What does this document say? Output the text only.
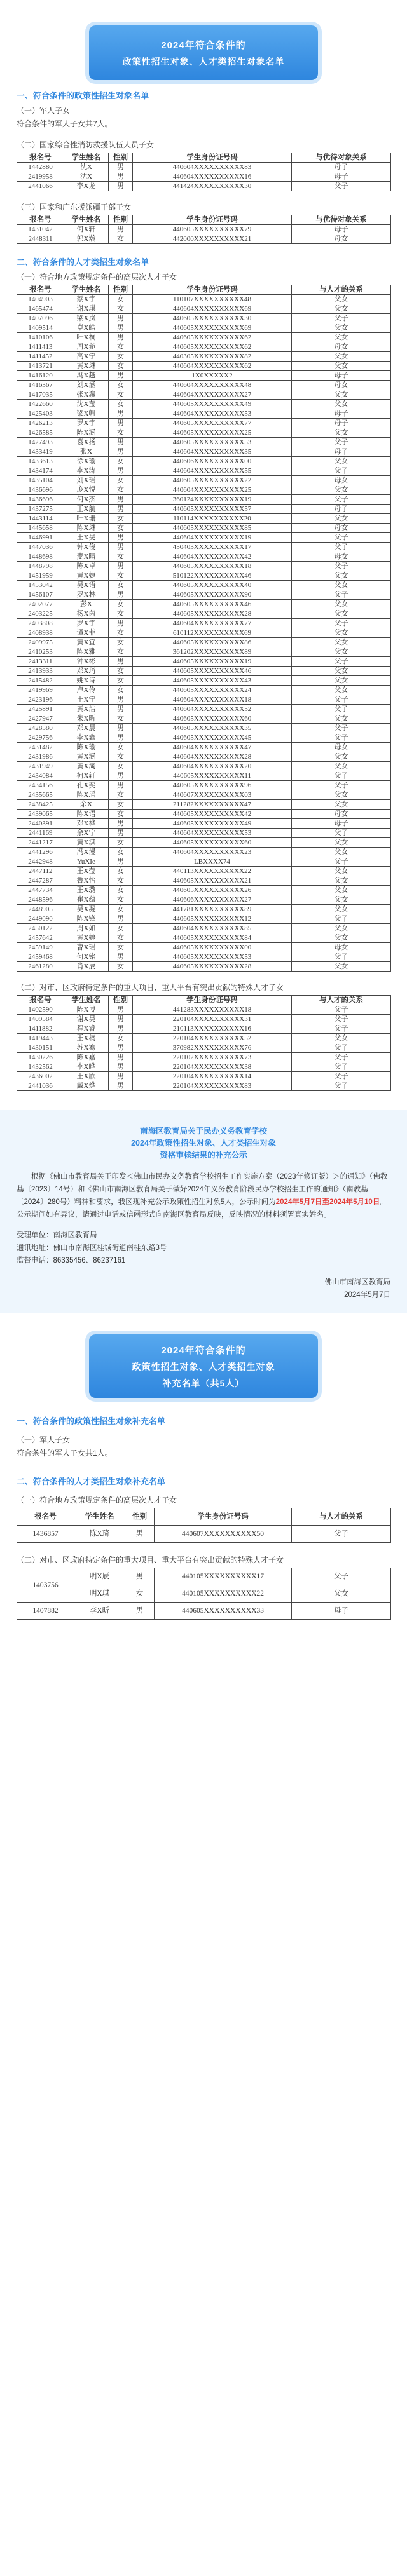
2024年符合条件的
政策性招生对象、人才类招生对象名单
一、符合条件的政策性招生对象名单
（一）军人子女
符合条件的军人子女共7人。
（二）国家综合性消防救援队伍人员子女
报名号	学生姓名	性别	学生身份证号码	与优待对象关系
1442880	沈X	男	440604XXXXXXXXXX83	母子
2419958	沈X	男	440604XXXXXXXXXX16	母子
2441066	李X龙	男	441424XXXXXXXXXX30	父子
（三）国家和广东援派疆干部子女
报名号	学生姓名	性别	学生身份证号码	与优待对象关系
1431042	何X轩	男	440605XXXXXXXXXX79	母子
2448311	郭X瀚	女	442000XXXXXXXXXX21	母女
二、符合条件的人才类招生对象名单
（一）符合地方政策规定条件的高层次人才子女
报名号	学生姓名	性别	学生身份证号码	与人才的关系
1404903	蔡X宇	女	110107XXXXXXXXXX48	父女
1465474	谢X琪	女	440604XXXXXXXXXX69	父女
1407096	梁X岚	男	440605XXXXXXXXXX30	父子
1409514	卓X皓	男	440605XXXXXXXXXX69	父女
1410106	叶X桐	男	440605XXXXXXXXXX62	父女
1411413	周X菀	女	440605XXXXXXXXXX62	母女
1411452	高X宁	女	440305XXXXXXXXXX82	父女
1413721	黄X琳	女	440604XXXXXXXXXX62	父女
1416120	冯X越	男	1X0XXXXX2	母子
1416367	刘X涵	女	440604XXXXXXXXXX48	母女
1417035	张X瀛	女	440604XXXXXXXXXX27	父女
1422660	沈X莹	女	440605XXXXXXXXXX49	父女
1425403	梁X帆	男	440604XXXXXXXXXX53	母子
1426213	罗X宇	男	440605XXXXXXXXXX77	母子
1426585	陈X涵	女	440605XXXXXXXXXX25	父女
1427493	袁X扬	男	440605XXXXXXXXXX53	父子
1433419	张X	男	440604XXXXXXXXXX35	母子
1433613	徐X瑜	女	440606XXXXXXXXXX00	父女
1434174	李X涛	男	440604XXXXXXXXXX55	父子
1435104	刘X瑶	女	440605XXXXXXXXXX22	母女
1436696	庞X悦	女	440604XXXXXXXXXX25	父女
1436696	何X杰	男	360124XXXXXXXXXX19	父子
1437275	王X航	男	440605XXXXXXXXXX57	母子
1443114	叶X珊	女	110114XXXXXXXXXX20	父女
1445658	陈X琳	女	440605XXXXXXXXXX85	母女
1446991	王X旻	男	440604XXXXXXXXXX19	父子
1447036	钟X俊	男	450403XXXXXXXXXX17	父子
1448698	麦X晴	女	440604XXXXXXXXXX42	母女
1448798	陈X卓	男	440605XXXXXXXXXX18	父子
1451959	黄X婕	女	510122XXXXXXXXXX46	父女
1453042	吴X语	女	440605XXXXXXXXXX40	父女
1456107	罗X林	男	440605XXXXXXXXXX90	父子
2402077	彭X	女	440605XXXXXXXXXX46	父女
2403225	杨X茵	女	440605XXXXXXXXXX28	父女
2403808	罗X宇	男	440604XXXXXXXXXX77	父子
2408938	谭X菲	女	610112XXXXXXXXXX69	父女
2409975	黄X宜	女	440605XXXXXXXXXX86	父女
2410253	陈X雅	女	361202XXXXXXXXXX89	父女
2413311	钟X彬	男	440605XXXXXXXXXX19	父子
2413933	邓X琦	女	440605XXXXXXXXXX46	父女
2415482	姚X诗	女	440605XXXXXXXXXX43	父女
2419969	卢X伶	女	440605XXXXXXXXXX24	父女
2423196	王X宁	男	440604XXXXXXXXXX18	父子
2425891	黄X浩	男	440604XXXXXXXXXX52	父子
2427947	朱X昕	女	440605XXXXXXXXXX60	父女
2428580	邓X晨	男	440605XXXXXXXXXX35	父子
2429756	李X鑫	男	440605XXXXXXXXXX45	父子
2431482	陈X瑜	女	440604XXXXXXXXXX47	母女
2431986	黄X涵	女	440604XXXXXXXXXX28	父女
2431949	黄X淘	女	440604XXXXXXXXXX20	父女
2434084	柯X轩	男	440605XXXXXXXXXX11	父子
2434156	孔X奕	男	440605XXXXXXXXXX96	父子
2435665	陈X瑶	女	440607XXXXXXXXXX03	父女
2438425	余X	女	211282XXXXXXXXXX47	父女
2439065	陈X语	女	440605XXXXXXXXXX42	母女
2440391	邓X桦	男	440605XXXXXXXXXX49	母子
2441169	余X宁	男	440604XXXXXXXXXX53	父子
2441217	黄X淇	女	440605XXXXXXXXXX60	父女
2441296	冯X漫	女	440604XXXXXXXXXX23	父女
2442948	YuXIe	男	LBXXXX74	父子
2447112	王X莹	女	440113XXXXXXXXXX22	父女
2447287	鲁X怡	女	440605XXXXXXXXXX21	父女
2447734	王X璐	女	440605XXXXXXXXXX26	父女
2448596	崔X蕴	女	440606XXXXXXXXXX27	父女
2448905	吴X凝	女	441781XXXXXXXXXX89	父女
2449090	陈X锋	男	440605XXXXXXXXXX12	父子
2450122	周X如	女	440604XXXXXXXXXX85	父女
2457642	黄X婷	女	440605XXXXXXXXXX84	父女
2459149	曹X瑶	女	440605XXXXXXXXXX00	母女
2459468	何X铭	男	440605XXXXXXXXXX53	父子
2461280	肖X辰	女	440605XXXXXXXXXX28	父女
（二）对市、区政府特定条件的重大项目、重大平台有突出贡献的特殊人才子女
报名号	学生姓名	性别	学生身份证号码	与人才的关系
1402590	陈X博	男	441283XXXXXXXXXX18	父子
1409584	谢X昊	男	220104XXXXXXXXXX31	父子
1411882	程X睿	男	210113XXXXXXXXXX16	父子
1419443	王X楠	女	220104XXXXXXXXXX52	父女
1430151	苏X骞	男	370982XXXXXXXXXX76	父子
1430226	陈X嘉	男	220102XXXXXXXXXX73	父子
1432562	李X晔	男	220104XXXXXXXXXX38	父子
2436002	王X欣	男	220104XXXXXXXXXX14	父子
2441036	戴X烨	男	220104XXXXXXXXXX83	父子
南海区教育局关于民办义务教育学校
2024年政策性招生对象、人才类招生对象
资格审核结果的补充公示
根据《佛山市教育局关于印发＜佛山市民办义务教育学校招生工作实施方案（2023年修订版）＞的通知》（佛教基〔2023〕14号）和《佛山市南海区教育局关于做好2024年义务教育阶段民办学校招生工作的通知》（南教基〔2024〕280号）精神和要求，我区现补充公示政策性招生对象5人，公示时间为2024年5月7日至2024年5月10日。公示期间如有异议，请通过电话或信函形式向南海区教育局反映，反映情况的材料须署真实姓名。
受理单位：南海区教育局
通讯地址：佛山市南海区桂城街道南桂东路3号
监督电话：86335456、86237161
佛山市南海区教育局
2024年5月7日
2024年符合条件的
政策性招生对象、人才类招生对象
补充名单（共5人）
一、符合条件的政策性招生对象补充名单
（一）军人子女
符合条件的军人子女共1人。
二、符合条件的人才类招生对象补充名单
（一）符合地方政策规定条件的高层次人才子女
报名号	学生姓名	性别	学生身份证号码	与人才的关系
1436857	陈X琦	男	440607XXXXXXXXXX50	父子
（二）对市、区政府特定条件的重大项目、重大平台有突出贡献的特殊人才子女
1403756	明X辰	男	440105XXXXXXXXXX17	父子
	明X琪	女	440105XXXXXXXXXX22	父女
1407882	李X昕	男	440605XXXXXXXXXX33	母子
